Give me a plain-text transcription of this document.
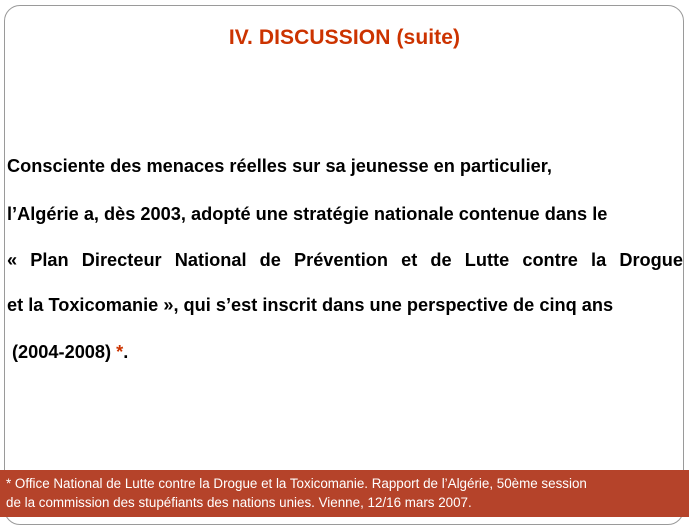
IV. DISCUSSION (suite)
Consciente des menaces réelles sur sa jeunesse en particulier,
l’Algérie a, dès 2003, adopté une stratégie nationale contenue dans le
« Plan Directeur National de Prévention et de Lutte contre la Drogue
et la Toxicomanie », qui s’est inscrit dans une perspective de cinq ans
(2004-2008) *.
* Office National de Lutte contre la Drogue et la Toxicomanie. Rapport de l’Algérie, 50ème session
de la commission des stupéfiants des nations unies. Vienne, 12/16 mars 2007.
